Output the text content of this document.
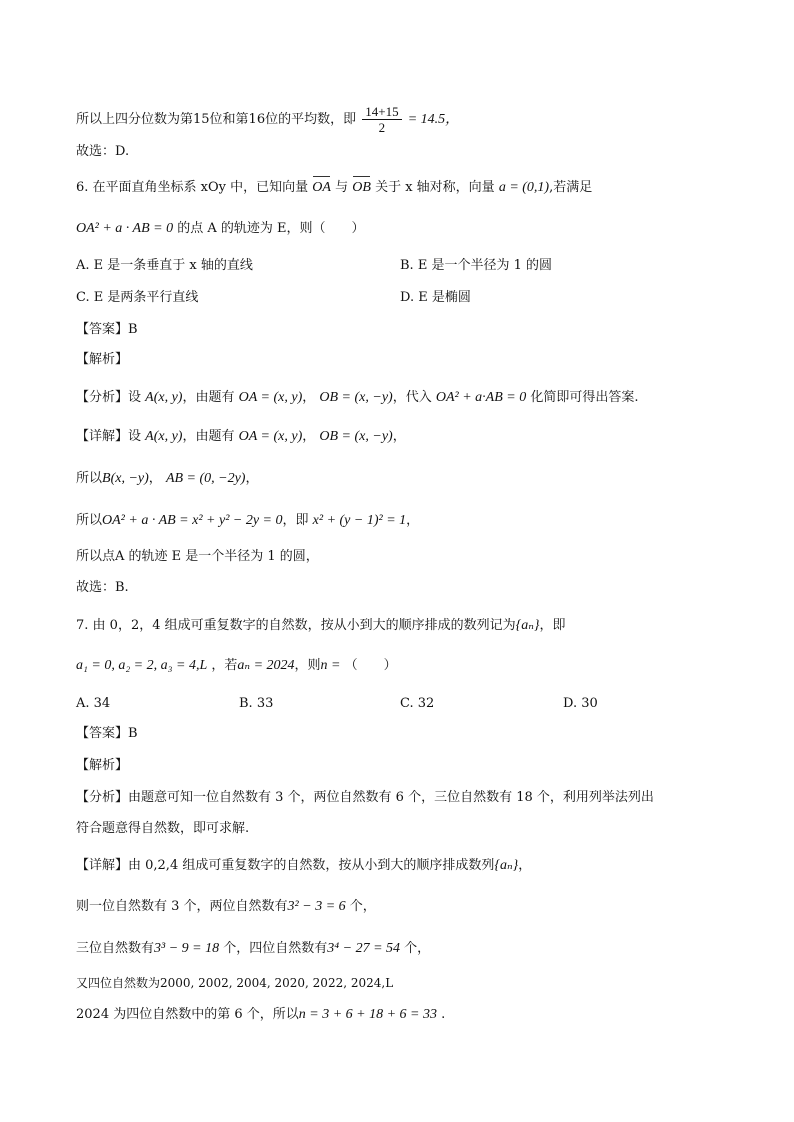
所以上四分位数为第15位和第16位的平均数，即 $\frac{14+15}{2} = 14.5$，
故选：D.
6. 在平面直角坐标系 xOy 中，已知向量 OA 与 OB 关于 x 轴对称，向量 a = (0,1),若满足
OA² + a · AB = 0 的点 A 的轨迹为 E，则（　　）
A. E 是一条垂直于 x 轴的直线	B. E 是一个半径为 1 的圆
C. E 是两条平行直线	D. E 是椭圆
【答案】B
【解析】
【分析】设 A(x, y)，由题有 OA = (x, y)， OB = (x, −y)，代入 OA² + a·AB = 0 化简即可得出答案.
【详解】设 A(x, y)，由题有 OA = (x, y)， OB = (x, −y)，
所以B(x, −y)， AB = (0, −2y)，
所以OA² + a · AB = x² + y² − 2y = 0，即 x² + (y − 1)² = 1，
所以点A 的轨迹 E 是一个半径为 1 的圆，
故选：B.
7. 由 0，2，4 组成可重复数字的自然数，按从小到大的顺序排成的数列记为{aₙ}，即
a₁ = 0, a₂ = 2, a₃ = 4,L ，若aₙ = 2024，则n = （　　）
A. 34	B. 33	C. 32	D. 30
【答案】B
【解析】
【分析】由题意可知一位自然数有 3 个，两位自然数有 6 个，三位自然数有 18 个，利用列举法列出
符合题意得自然数，即可求解.
【详解】由 0,2,4 组成可重复数字的自然数，按从小到大的顺序排成数列{aₙ}，
则一位自然数有 3 个，两位自然数有3² − 3 = 6 个，
三位自然数有3³ − 9 = 18 个，四位自然数有3⁴ − 27 = 54 个，
又四位自然数为2000, 2002, 2004, 2020, 2022, 2024,L
2024 为四位自然数中的第 6 个，所以n = 3 + 6 + 18 + 6 = 33 .
